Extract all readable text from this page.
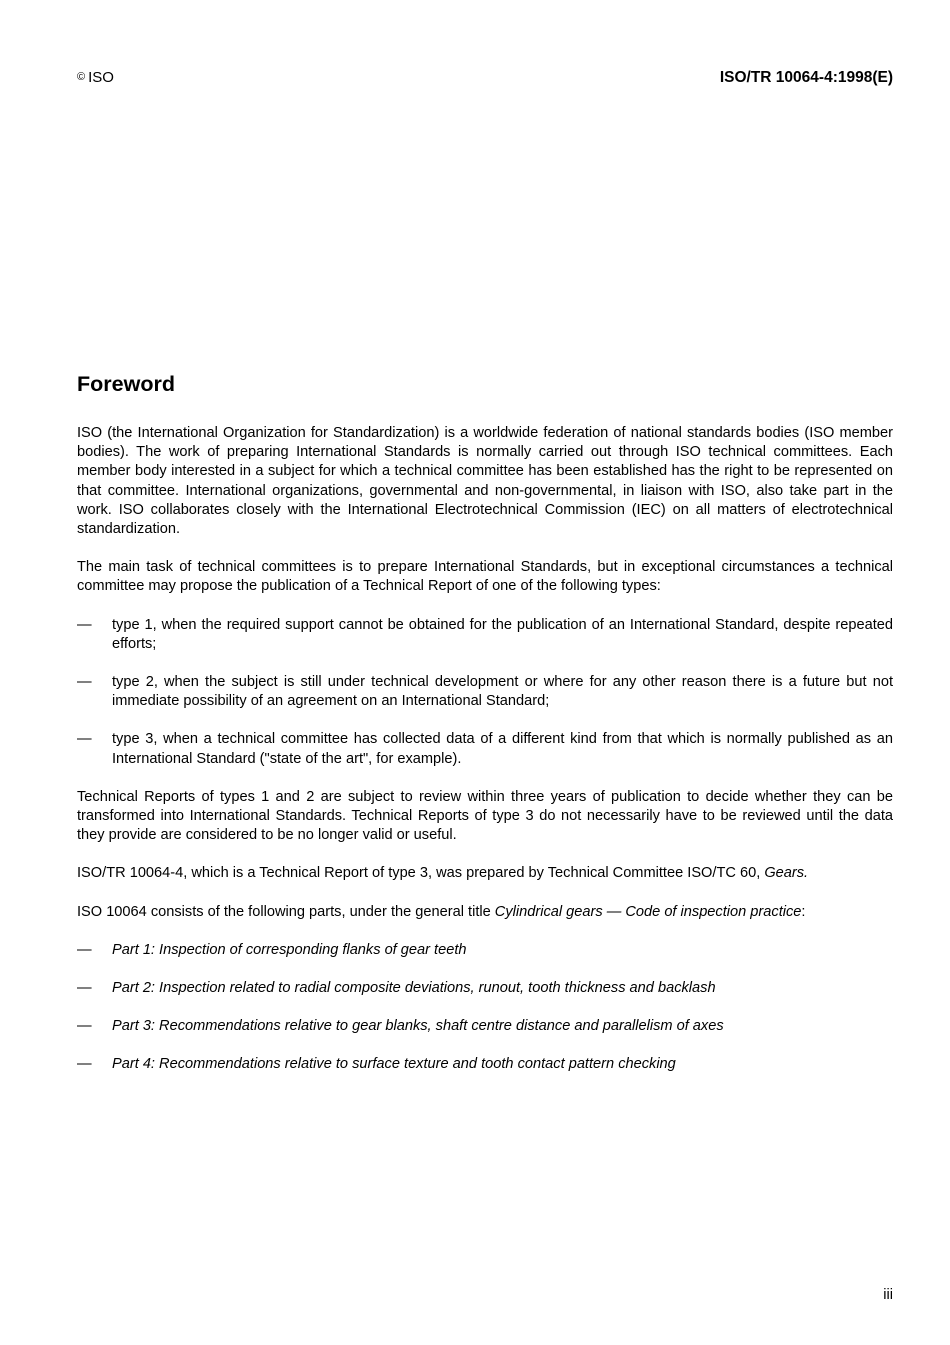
© ISO	ISO/TR 10064-4:1998(E)
Foreword

ISO (the International Organization for Standardization) is a worldwide federation of national standards bodies (ISO member bodies). The work of preparing International Standards is normally carried out through ISO technical committees. Each member body interested in a subject for which a technical committee has been established has the right to be represented on that committee. International organizations, governmental and non-governmental, in liaison with ISO, also take part in the work. ISO collaborates closely with the International Electrotechnical Commission (IEC) on all matters of electrotechnical standardization.

The main task of technical committees is to prepare International Standards, but in exceptional circumstances a technical committee may propose the publication of a Technical Report of one of the following types:

— type 1, when the required support cannot be obtained for the publication of an International Standard, despite repeated efforts;
— type 2, when the subject is still under technical development or where for any other reason there is a future but not immediate possibility of an agreement on an International Standard;
— type 3, when a technical committee has collected data of a different kind from that which is normally published as an International Standard ("state of the art", for example).

Technical Reports of types 1 and 2 are subject to review within three years of publication to decide whether they can be transformed into International Standards. Technical Reports of type 3 do not necessarily have to be reviewed until the data they provide are considered to be no longer valid or useful.

ISO/TR 10064-4, which is a Technical Report of type 3, was prepared by Technical Committee ISO/TC 60, Gears.

ISO 10064 consists of the following parts, under the general title Cylindrical gears — Code of inspection practice:

— Part 1: Inspection of corresponding flanks of gear teeth
— Part 2: Inspection related to radial composite deviations, runout, tooth thickness and backlash
— Part 3: Recommendations relative to gear blanks, shaft centre distance and parallelism of axes
— Part 4: Recommendations relative to surface texture and tooth contact pattern checking
iii
